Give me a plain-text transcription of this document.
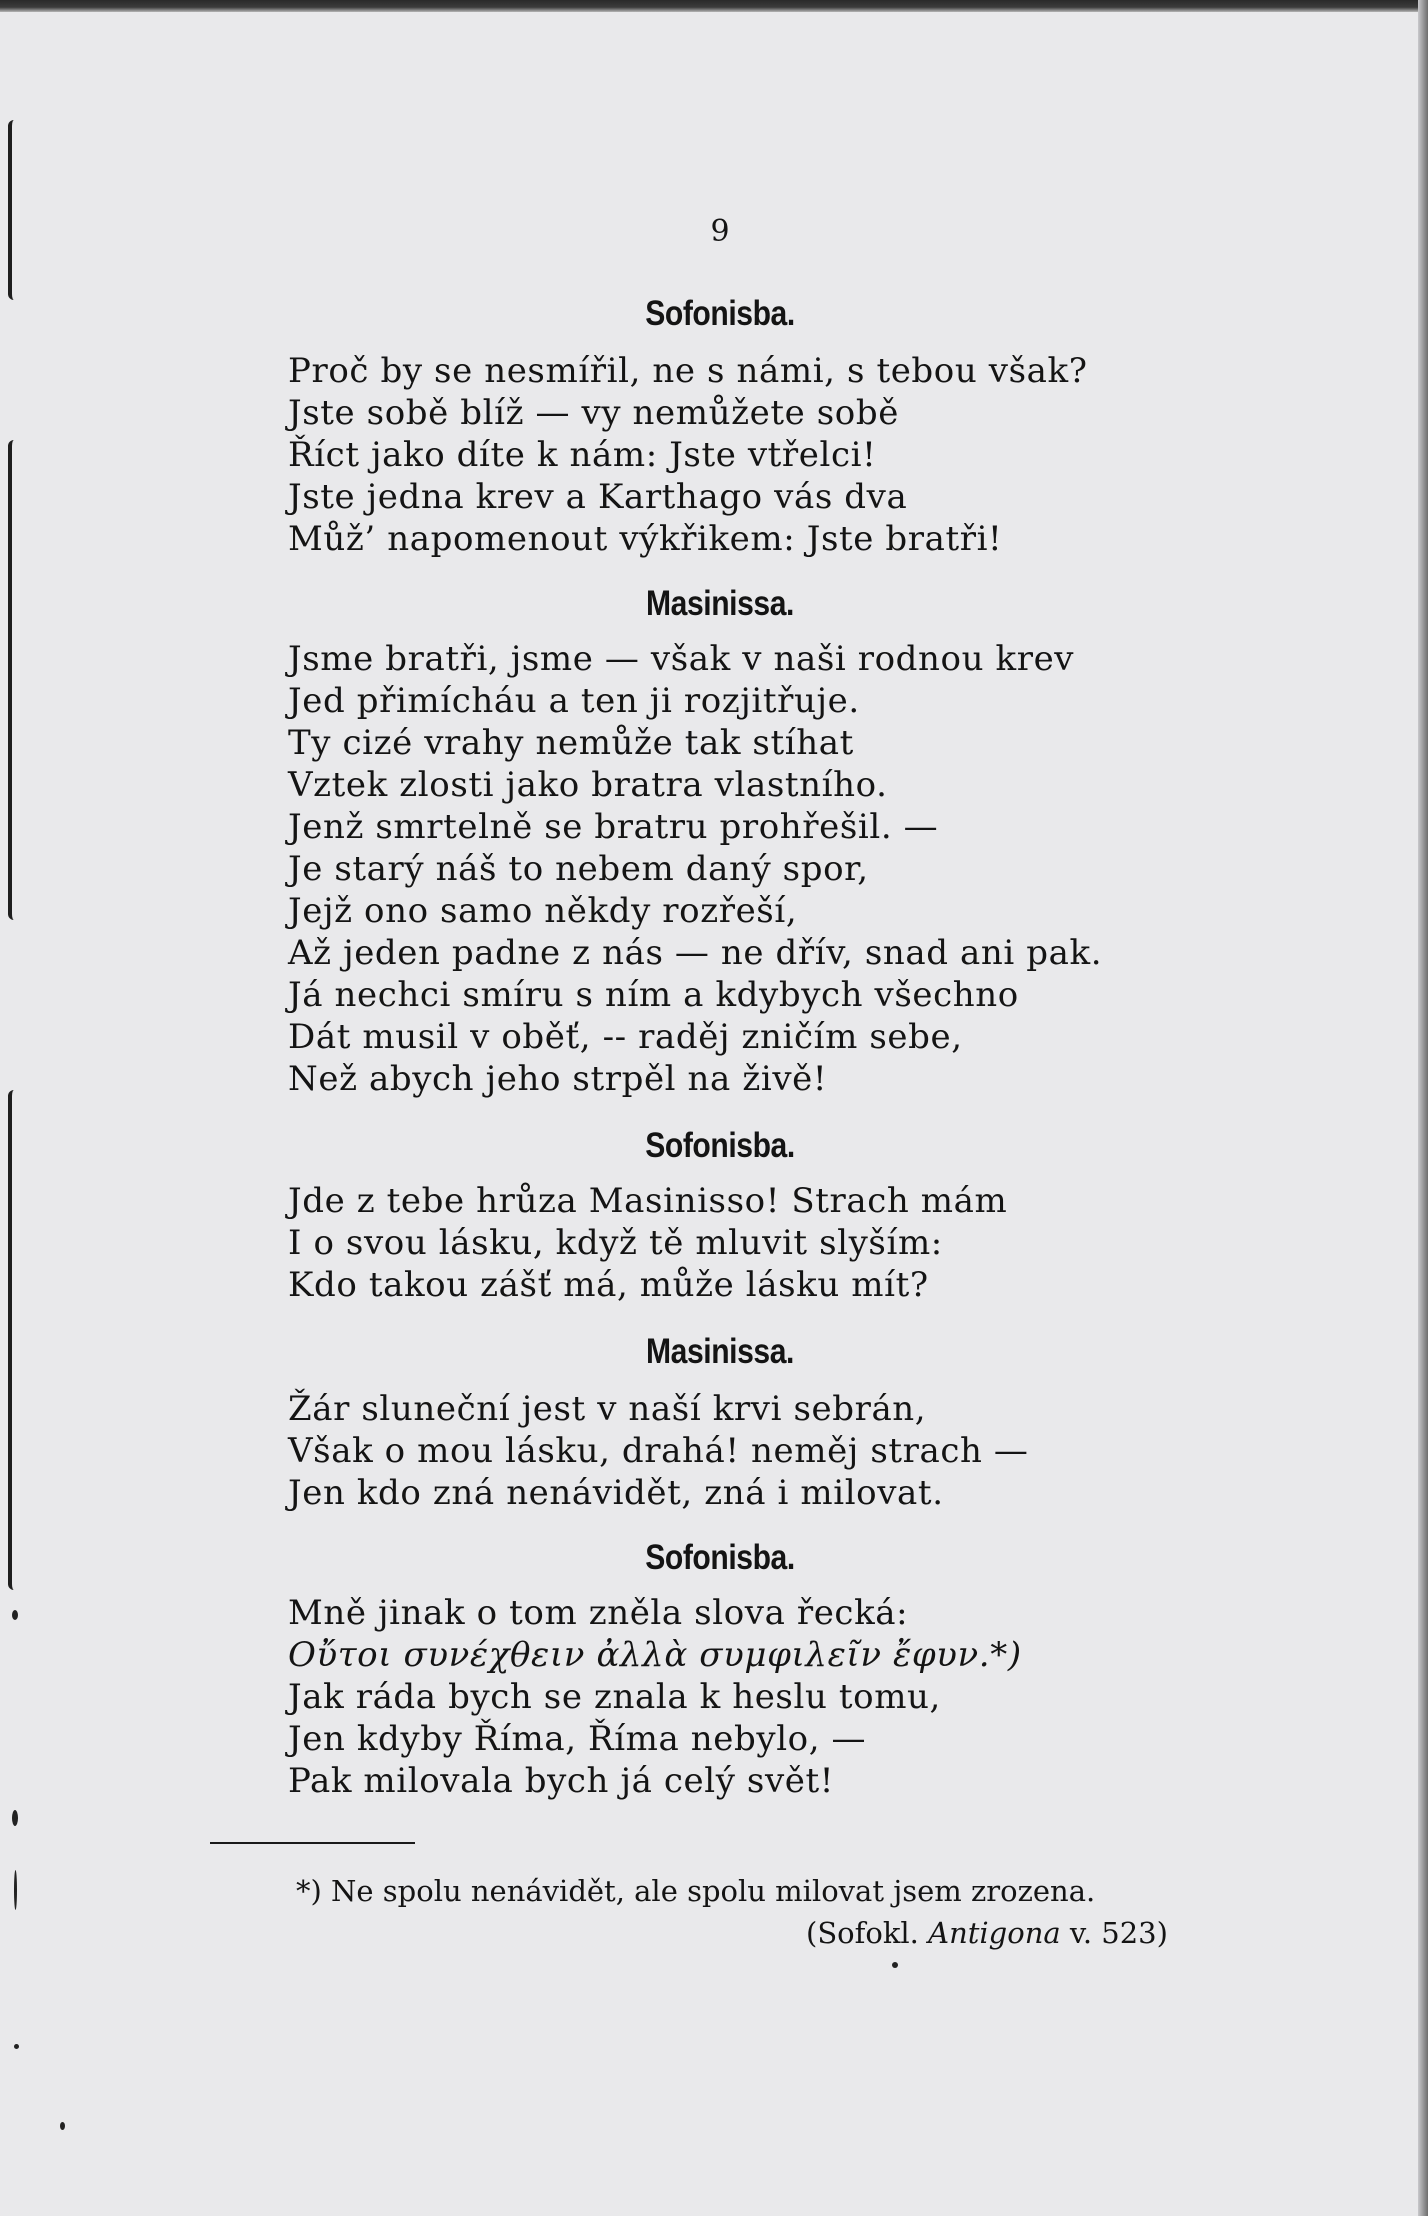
9
Sofonisba.
Proč by se nesmířil, ne s námi, s tebou však?
Jste sobě blíž — vy nemůžete sobě
Říct jako díte k nám: Jste vtřelci!
Jste jedna krev a Karthago vás dva
Můž’ napomenout výkřikem: Jste bratři!
Masinissa.
Jsme bratři, jsme — však v naši rodnou krev
Jed přimícháu a ten ji rozjitřuje.
Ty cizé vrahy nemůže tak stíhat
Vztek zlosti jako bratra vlastního.
Jenž smrtelně se bratru prohřešil. —
Je starý náš to nebem daný spor,
Jejž ono samo někdy rozřeší,
Až jeden padne z nás — ne dřív, snad ani pak.
Já nechci smíru s ním a kdybych všechno
Dát musil v oběť, -- raděj zničím sebe,
Než abych jeho strpěl na živě!
Sofonisba.
Jde z tebe hrůza Masinisso! Strach mám
I o svou lásku, když tě mluvit slyším:
Kdo takou zášť má, může lásku mít?
Masinissa.
Žár sluneční jest v naší krvi sebrán,
Však o mou lásku, drahá! neměj strach —
Jen kdo zná nenávidět, zná i milovat.
Sofonisba.
Mně jinak o tom zněla slova řecká:
Οὔτοι συνέχθειν ἀλλὰ συμφιλεῖν ἔφυν.*)
Jak ráda bych se znala k heslu tomu,
Jen kdyby Říma, Říma nebylo, —
Pak milovala bych já celý svět!
*) Ne spolu nenávidět, ale spolu milovat jsem zrozena.
(Sofokl. Antigona v. 523)
